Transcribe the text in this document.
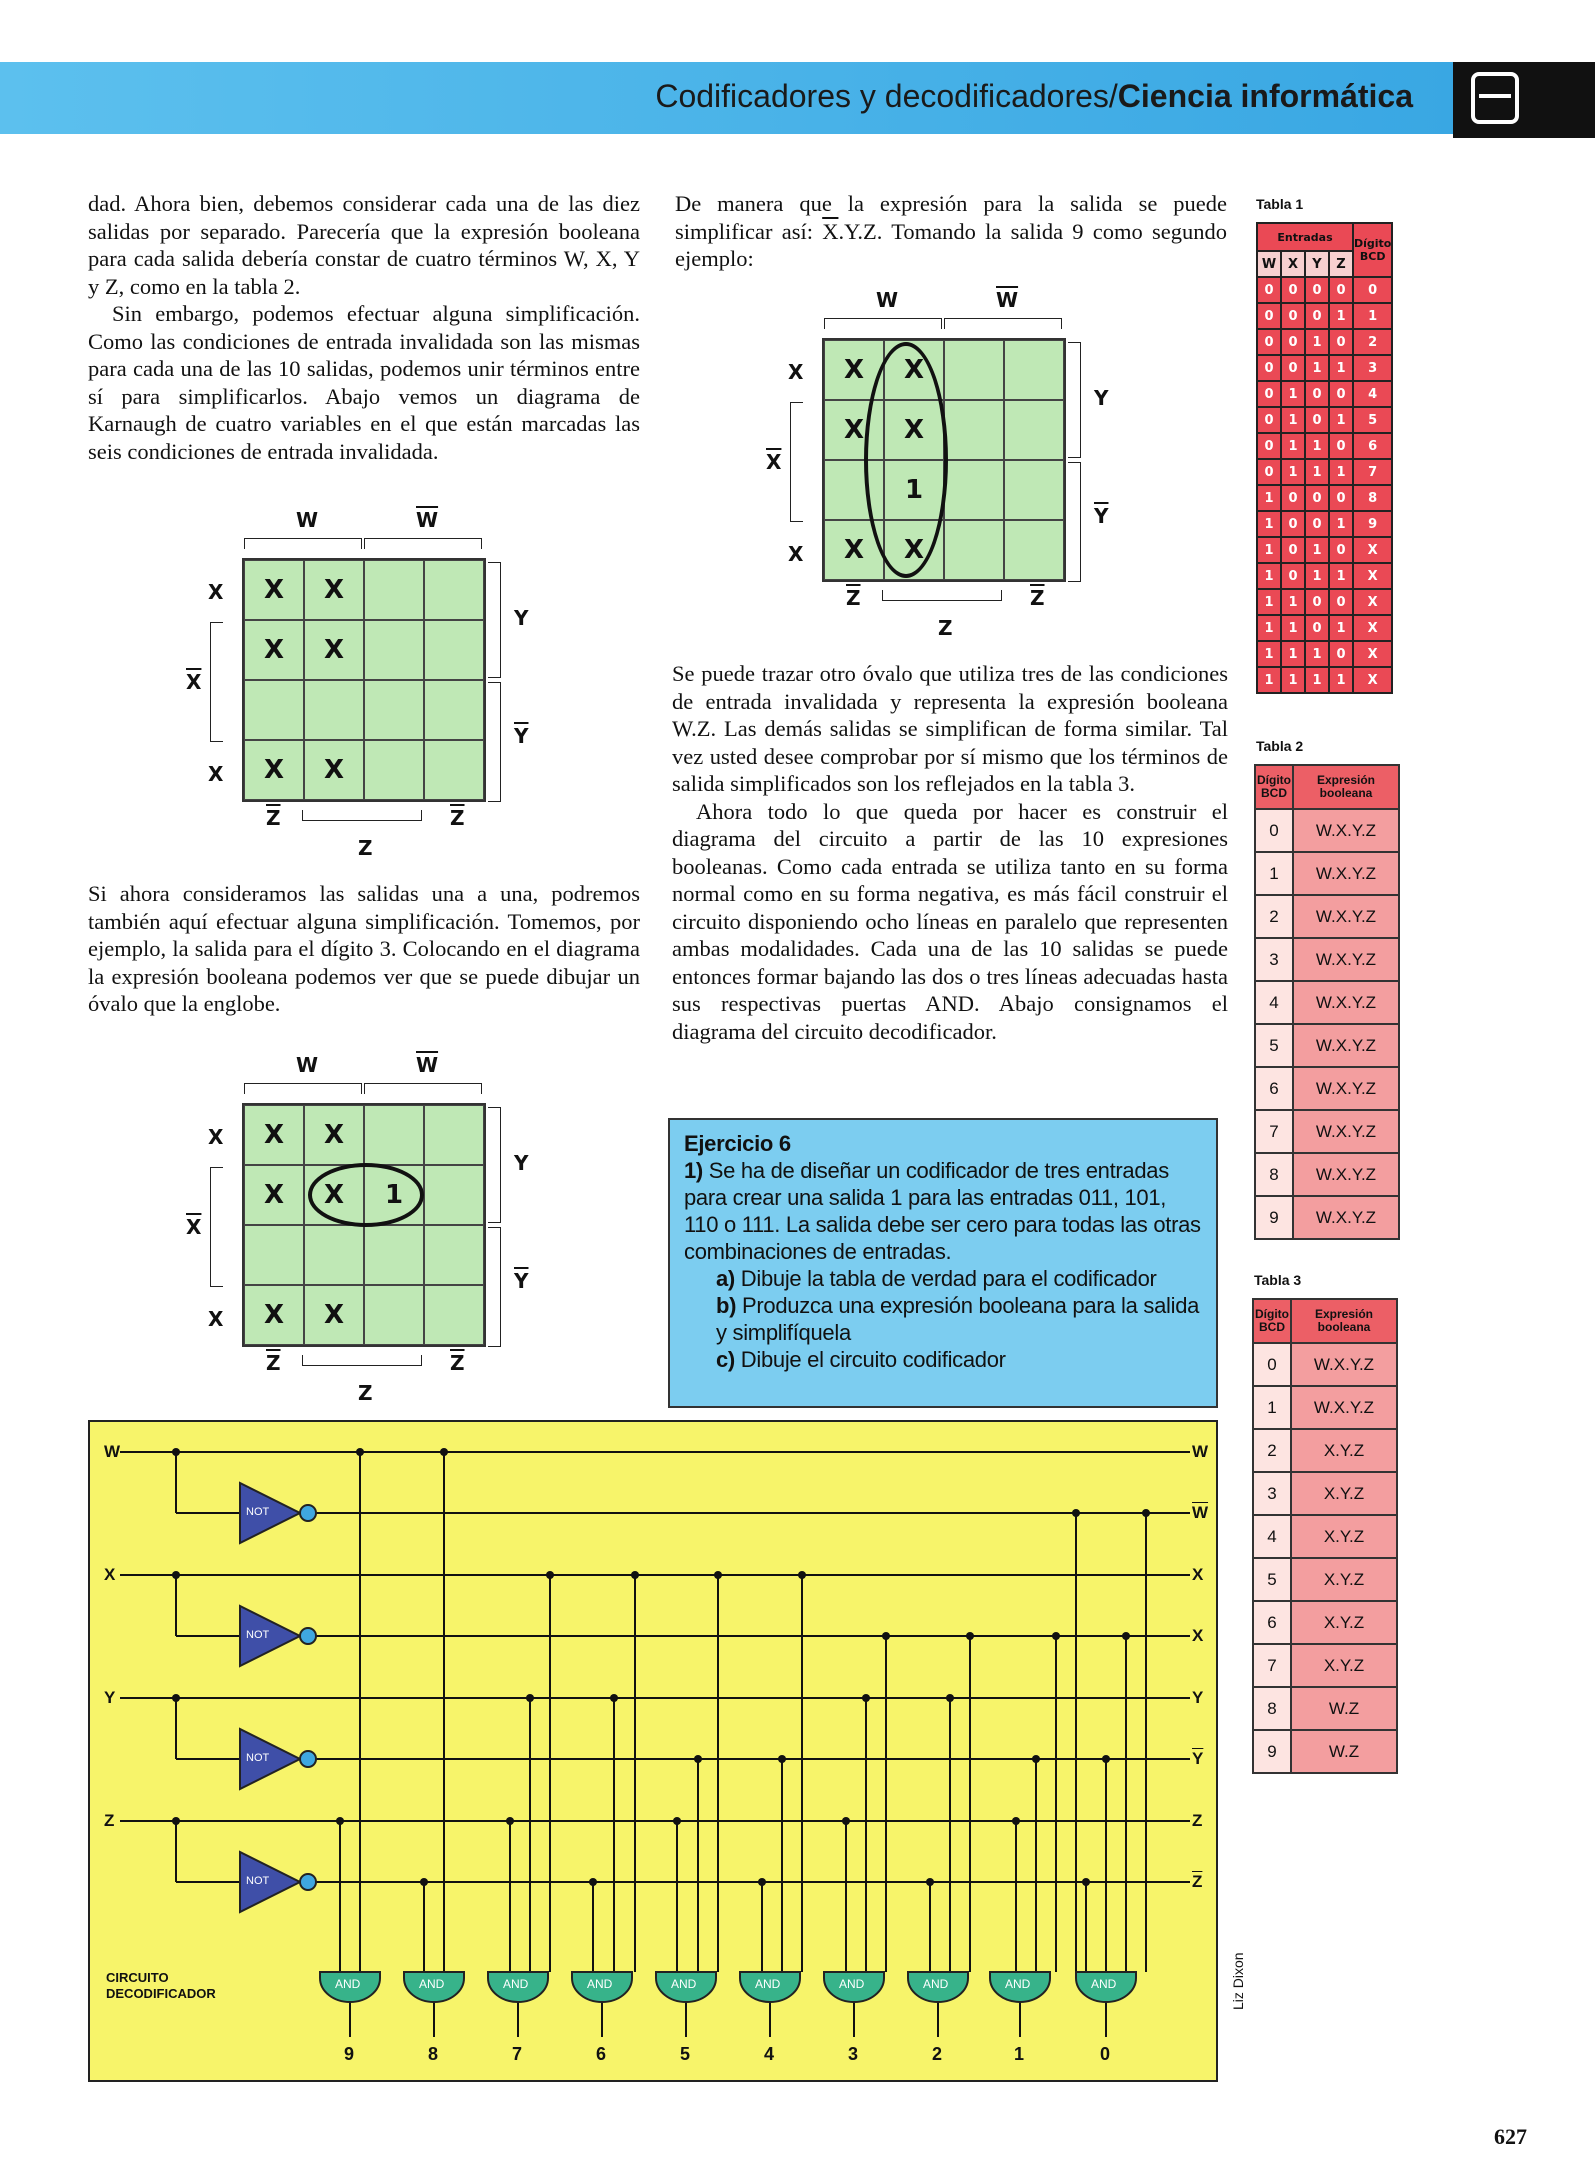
Codificadores y decodificadores/Ciencia informática

dad. Ahora bien, debemos considerar cada una de las diez salidas por separado. Parecería que la expresión booleana para cada salida debería constar de cuatro términos W, X, Y y Z, como en la tabla 2.

Sin embargo, podemos efectuar alguna simplificación. Como las condiciones de entrada invalidada son las mismas para cada una de las 10 salidas, podemos unir términos entre sí para simplificarlos. Abajo vemos un diagrama de Karnaugh de cuatro variables en el que están marcadas las seis condiciones de entrada invalidada.

Si ahora consideramos las salidas una a una, podremos también aquí efectuar alguna simplificación. Tomemos, por ejemplo, la salida para el dígito 3. Colocando en el diagrama la expresión booleana podemos ver que se puede dibujar un óvalo que la englobe.

De manera que la expresión para la salida se puede simplificar así: $\overline{X}.Y.Z$. Tomando la salida 9 como segundo ejemplo:

Se puede trazar otro óvalo que utiliza tres de las condiciones de entrada invalidada y representa la expresión booleana W.Z. Las demás salidas se simplifican de forma similar. Tal vez usted desee comprobar por sí mismo que los términos de salida simplificados son los reflejados en la tabla 3.

Ahora todo lo que queda por hacer es construir el diagrama del circuito a partir de las 10 expresiones booleanas. Como cada entrada se utiliza tanto en su forma normal como en su forma negativa, es más fácil construir el circuito disponiendo ocho líneas en paralelo que representen ambas modalidades. Cada una de las 10 salidas se puede entonces formar bajando las dos o tres líneas adecuadas hasta sus respectivas puertas AND. Abajo consignamos el diagrama del circuito decodificador.

W	$\overline{W}$
X	X
X	X
X	X
X
$\overline{X}$
X
Y
$\overline{Y}$
$\overline{Z}$	$\overline{Z}$
Z
W	$\overline{W}$
X	X
X	X	1
X	X
X
$\overline{X}$
X
Y
$\overline{Y}$
$\overline{Z}$	$\overline{Z}$
Z
W	$\overline{W}$
X	X
X	X
1
X	X
X
$\overline{X}$
X
Y
$\overline{Y}$
$\overline{Z}$	$\overline{Z}$
Z
Ejercicio 6
1) Se ha de diseñar un codificador de tres entradas para crear una salida 1 para las entradas 011, 101, 110 o 111. La salida debe ser cero para todas las otras combinaciones de entradas.
a) Dibuje la tabla de verdad para el codificador
b) Produzca una expresión booleana para la salida y simplifíquela
c) Dibuje el circuito codificador
W
X
Y
Z
W
$\overline{W}$
X
X
Y
$\overline{Y}$
Z
$\overline{Z}$
NOT
NOT
NOT
NOT
AND	AND	AND	AND	AND	AND	AND	AND	AND	AND
9	8	7	6	5	4	3	2	1	0
CIRCUITO
DECODIFICADOR
Tabla 1
Entradas				Dígito BCD
W	X	Y	Z	
0	0	0	0	0
0	0	0	1	1
0	0	1	0	2
0	0	1	1	3
0	1	0	0	4
0	1	0	1	5
0	1	1	0	6
0	1	1	1	7
1	0	0	0	8
1	0	0	1	9
1	0	1	0	X
1	0	1	1	X
1	1	0	0	X
1	1	0	1	X
1	1	1	0	X
1	1	1	1	X
Tabla 2
Dígito BCD	Expresión booleana
0	W.X.Y.Z
1	W.X.Y.Z
2	W.X.Y.Z
3	W.X.Y.Z
4	W.X.Y.Z
5	W.X.Y.Z
6	W.X.Y.Z
7	W.X.Y.Z
8	W.X.Y.Z
9	W.X.Y.Z
Tabla 3
Dígito BCD	Expresión booleana
0	W.X.Y.Z
1	W.X.Y.Z
2	X.Y.Z
3	X.Y.Z
4	X.Y.Z
5	X.Y.Z
6	X.Y.Z
7	X.Y.Z
8	W.Z
9	W.Z
Liz Dixon
627
